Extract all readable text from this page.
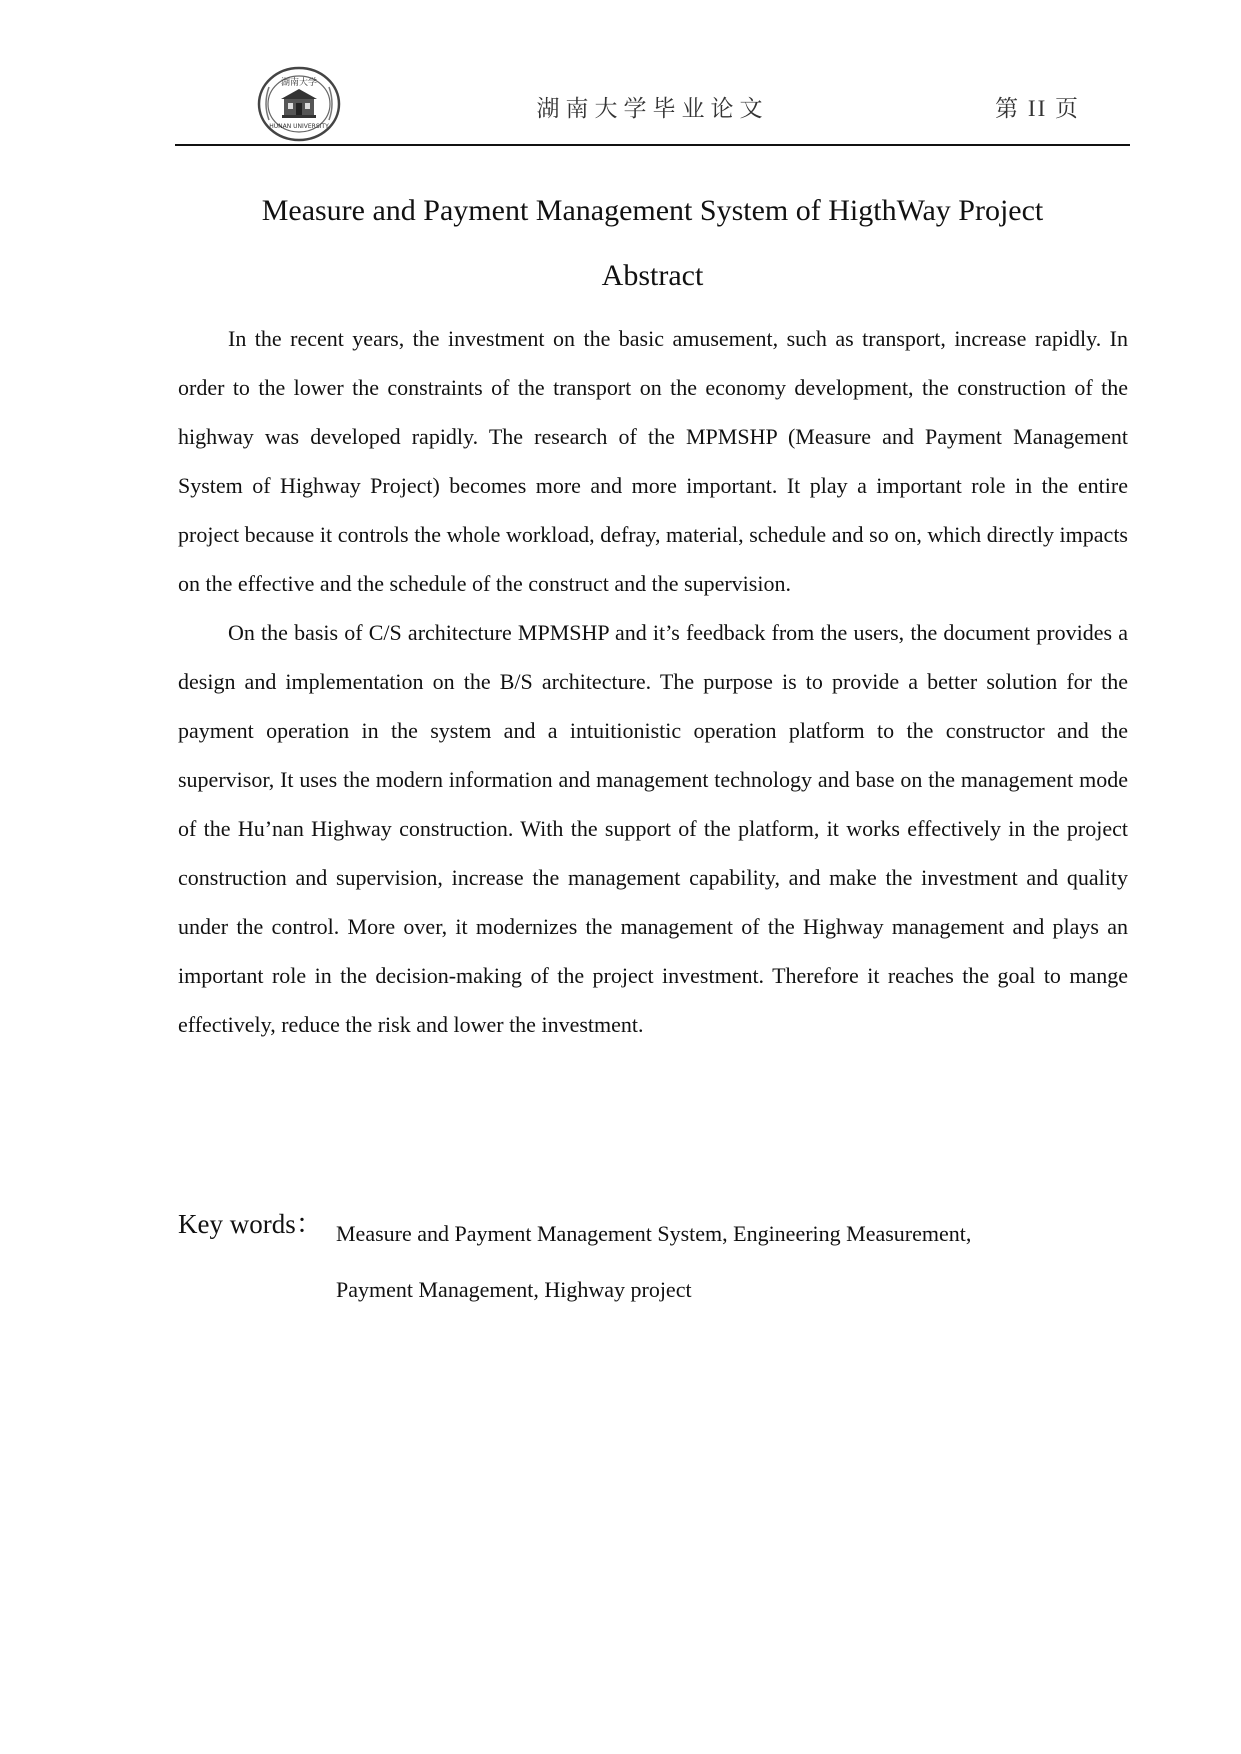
湖南大学
HUNAN UNIVERSITY
湖南大学毕业论文	第 II 页
Measure and Payment Management System of HigthWay Project
Abstract

In the recent years, the investment on the basic amusement, such as transport, increase rapidly. In order to the lower the constraints of the transport on the economy development, the construction of the highway was developed rapidly. The research of the MPMSHP (Measure and Payment Management System of Highway Project) becomes more and more important. It play a important role in the entire project because it controls the whole workload, defray, material, schedule and so on, which directly impacts on the effective and the schedule of the construct and the supervision.

On the basis of C/S architecture MPMSHP and it’s feedback from the users, the document provides a design and implementation on the B/S architecture. The purpose is to provide a better solution for the payment operation in the system and a intuitionistic operation platform to the constructor and the supervisor, It uses the modern information and management technology and base on the management mode of the Hu’nan Highway construction. With the support of the platform, it works effectively in the project construction and supervision, increase the management capability, and make the investment and quality under the control. More over, it modernizes the management of the Highway management and plays an important role in the decision-making of the project investment. Therefore it reaches the goal to mange effectively, reduce the risk and lower the investment.

Key words： Measure and Payment Management System, Engineering Measurement,
Payment Management, Highway project
